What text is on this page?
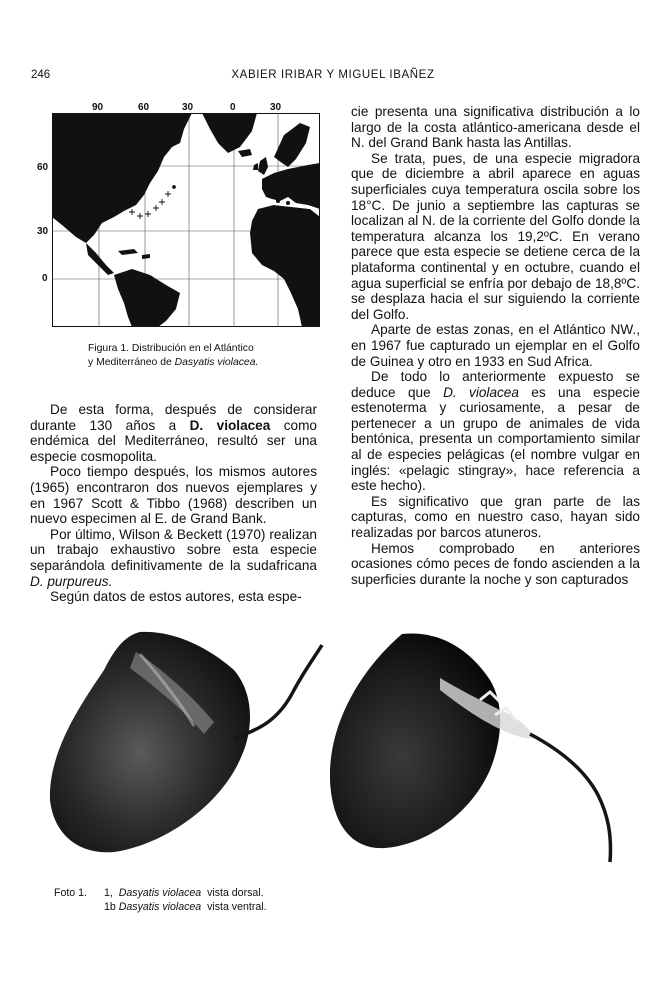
246	XABIER IRIBAR Y MIGUEL IBAÑEZ
90	60	30	0	30
60
30
0
Figura 1. Distribución en el Atlántico
y Mediterráneo de Dasyatis violacea.

De esta forma, después de considerar durante 130 años a D. violacea como endémica del Mediterráneo, resultó ser una especie cosmopolita.

Poco tiempo después, los mismos autores (1965) encontraron dos nuevos ejemplares y en 1967 Scott & Tibbo (1968) describen un nuevo especimen al E. de Grand Bank.

Por último, Wilson & Beckett (1970) realizan un trabajo exhaustivo sobre esta especie separándola definitivamente de la sudafricana D. purpureus.

Según datos de estos autores, esta espe-

cie presenta una significativa distribución a lo largo de la costa atlántico-americana desde el N. del Grand Bank hasta las Antillas.

Se trata, pues, de una especie migradora que de diciembre a abril aparece en aguas superficiales cuya temperatura oscila sobre los 18°C. De junio a septiembre las capturas se localizan al N. de la corriente del Golfo donde la temperatura alcanza los 19,2ºC. En verano parece que esta especie se detiene cerca de la plataforma continental y en octubre, cuando el agua superficial se enfría por debajo de 18,8ºC. se desplaza hacia el sur siguiendo la corriente del Golfo.

Aparte de estas zonas, en el Atlántico NW., en 1967 fue capturado un ejemplar en el Golfo de Guinea y otro en 1933 en Sud Africa.

De todo lo anteriormente expuesto se deduce que D. violacea es una especie estenoterma y curiosamente, a pesar de pertenecer a un grupo de animales de vida bentónica, presenta un comportamiento similar al de especies pelágicas (el nombre vulgar en inglés: «pelagic stingray», hace referencia a este hecho).

Es significativo que gran parte de las capturas, como en nuestro caso, hayan sido realizadas por barcos atuneros.

Hemos comprobado en anteriores ocasiones cómo peces de fondo ascienden a la superficies durante la noche y son capturados

Foto 1. 1, Dasyatis violacea vista dorsal.
1b Dasyatis violacea vista ventral.
